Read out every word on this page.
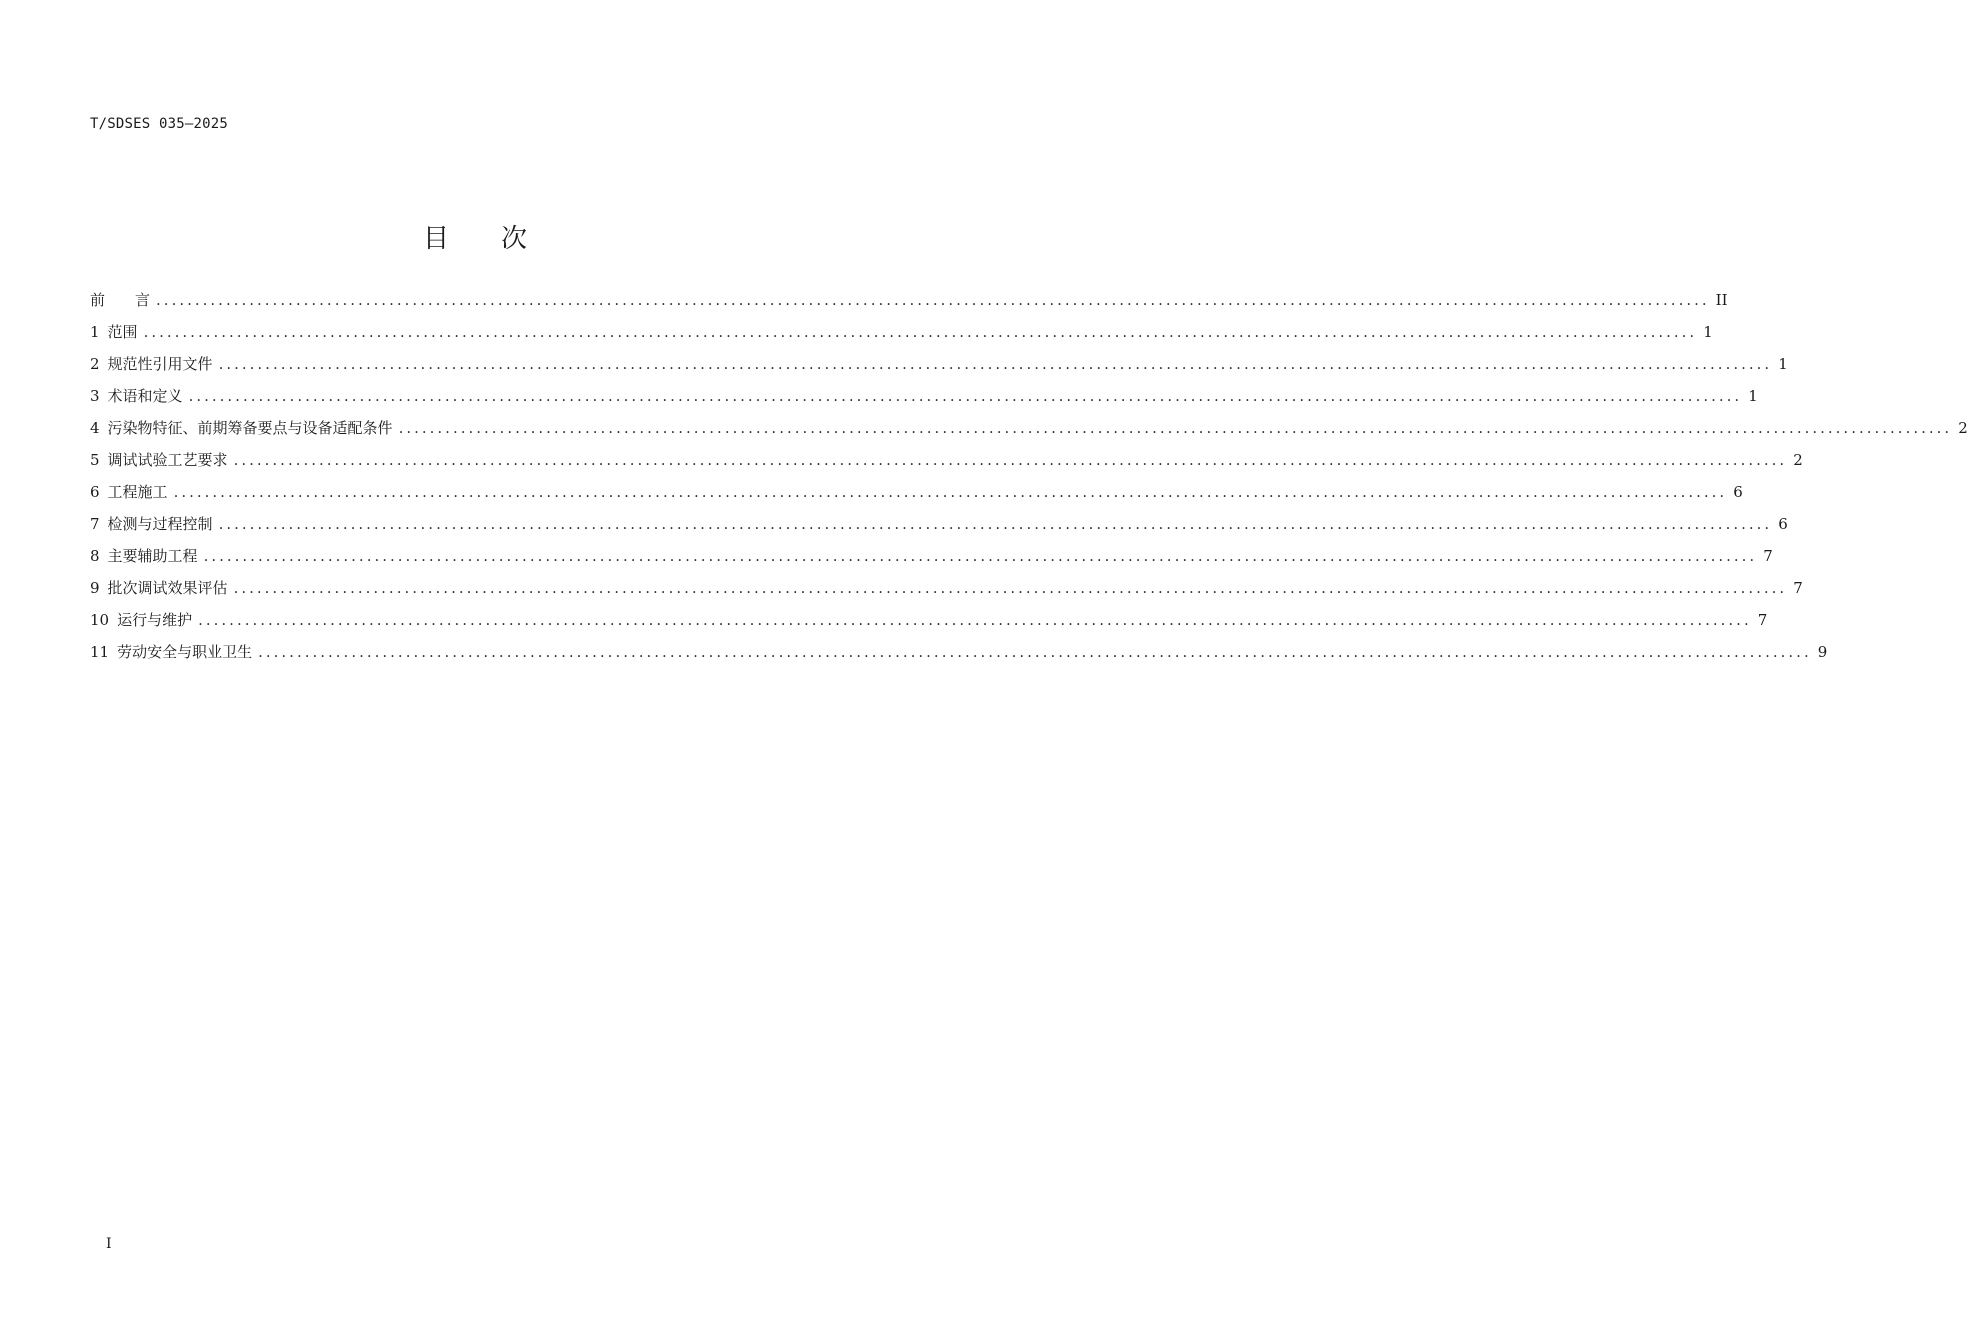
T/SDSES 035—2025
目次
前言 ........................................................................................................................................................................................................ II
1 范围 ........................................................................................................................................................................................................ 1
2 规范性引用文件 ........................................................................................................................................................................................................ 1
3 术语和定义 ........................................................................................................................................................................................................ 1
4 污染物特征、前期筹备要点与设备适配条件 ........................................................................................................................................................................................................ 2
5 调试试验工艺要求 ........................................................................................................................................................................................................ 2
6 工程施工 ........................................................................................................................................................................................................ 6
7 检测与过程控制 ........................................................................................................................................................................................................ 6
8 主要辅助工程 ........................................................................................................................................................................................................ 7
9 批次调试效果评估 ........................................................................................................................................................................................................ 7
10 运行与维护 ........................................................................................................................................................................................................ 7
11 劳动安全与职业卫生 ........................................................................................................................................................................................................ 9
I
